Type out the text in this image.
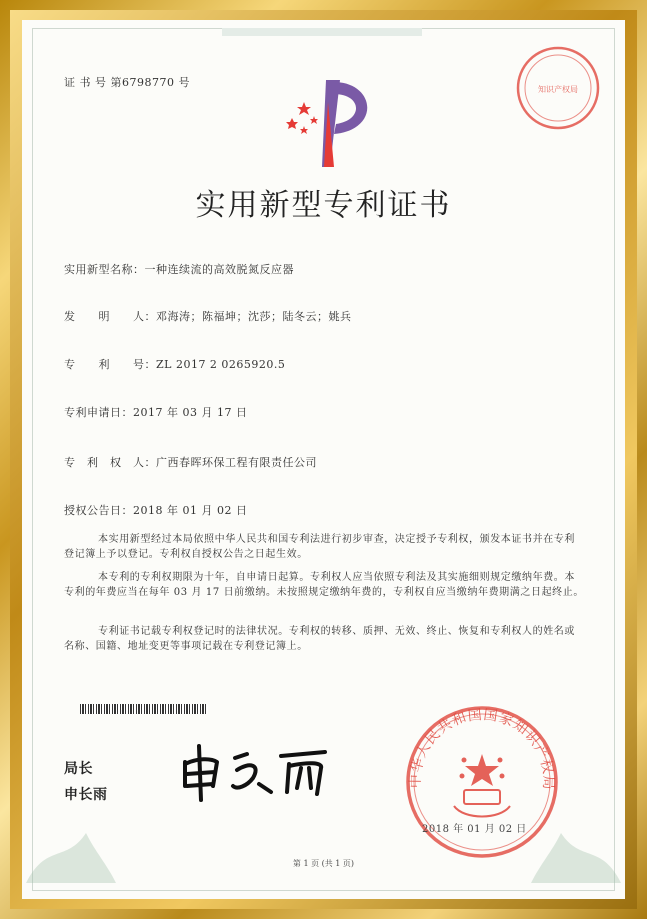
证 书 号 第6798770 号
知识产权局
实用新型专利证书
实用新型名称：一种连续流的高效脱氮反应器
发　　明　　人：邓海涛；陈福坤；沈莎；陆冬云；姚兵
专　　利　　号：ZL 2017 2 0265920.5
专利申请日：2017 年 03 月 17 日
专　利　权　人：广西春晖环保工程有限责任公司
授权公告日：2018 年 01 月 02 日
本实用新型经过本局依照中华人民共和国专利法进行初步审查，决定授予专利权，颁发本证书并在专利登记簿上予以登记。专利权自授权公告之日起生效。
本专利的专利权期限为十年，自申请日起算。专利权人应当依照专利法及其实施细则规定缴纳年费。本专利的年费应当在每年 03 月 17 日前缴纳。未按照规定缴纳年费的，专利权自应当缴纳年费期满之日起终止。
专利证书记载专利权登记时的法律状况。专利权的转移、质押、无效、终止、恢复和专利权人的姓名或名称、国籍、地址变更等事项记载在专利登记簿上。
局长
申长雨
中华人民共和国国家知识产权局
2018 年 01 月 02 日
第 1 页 (共 1 页)
